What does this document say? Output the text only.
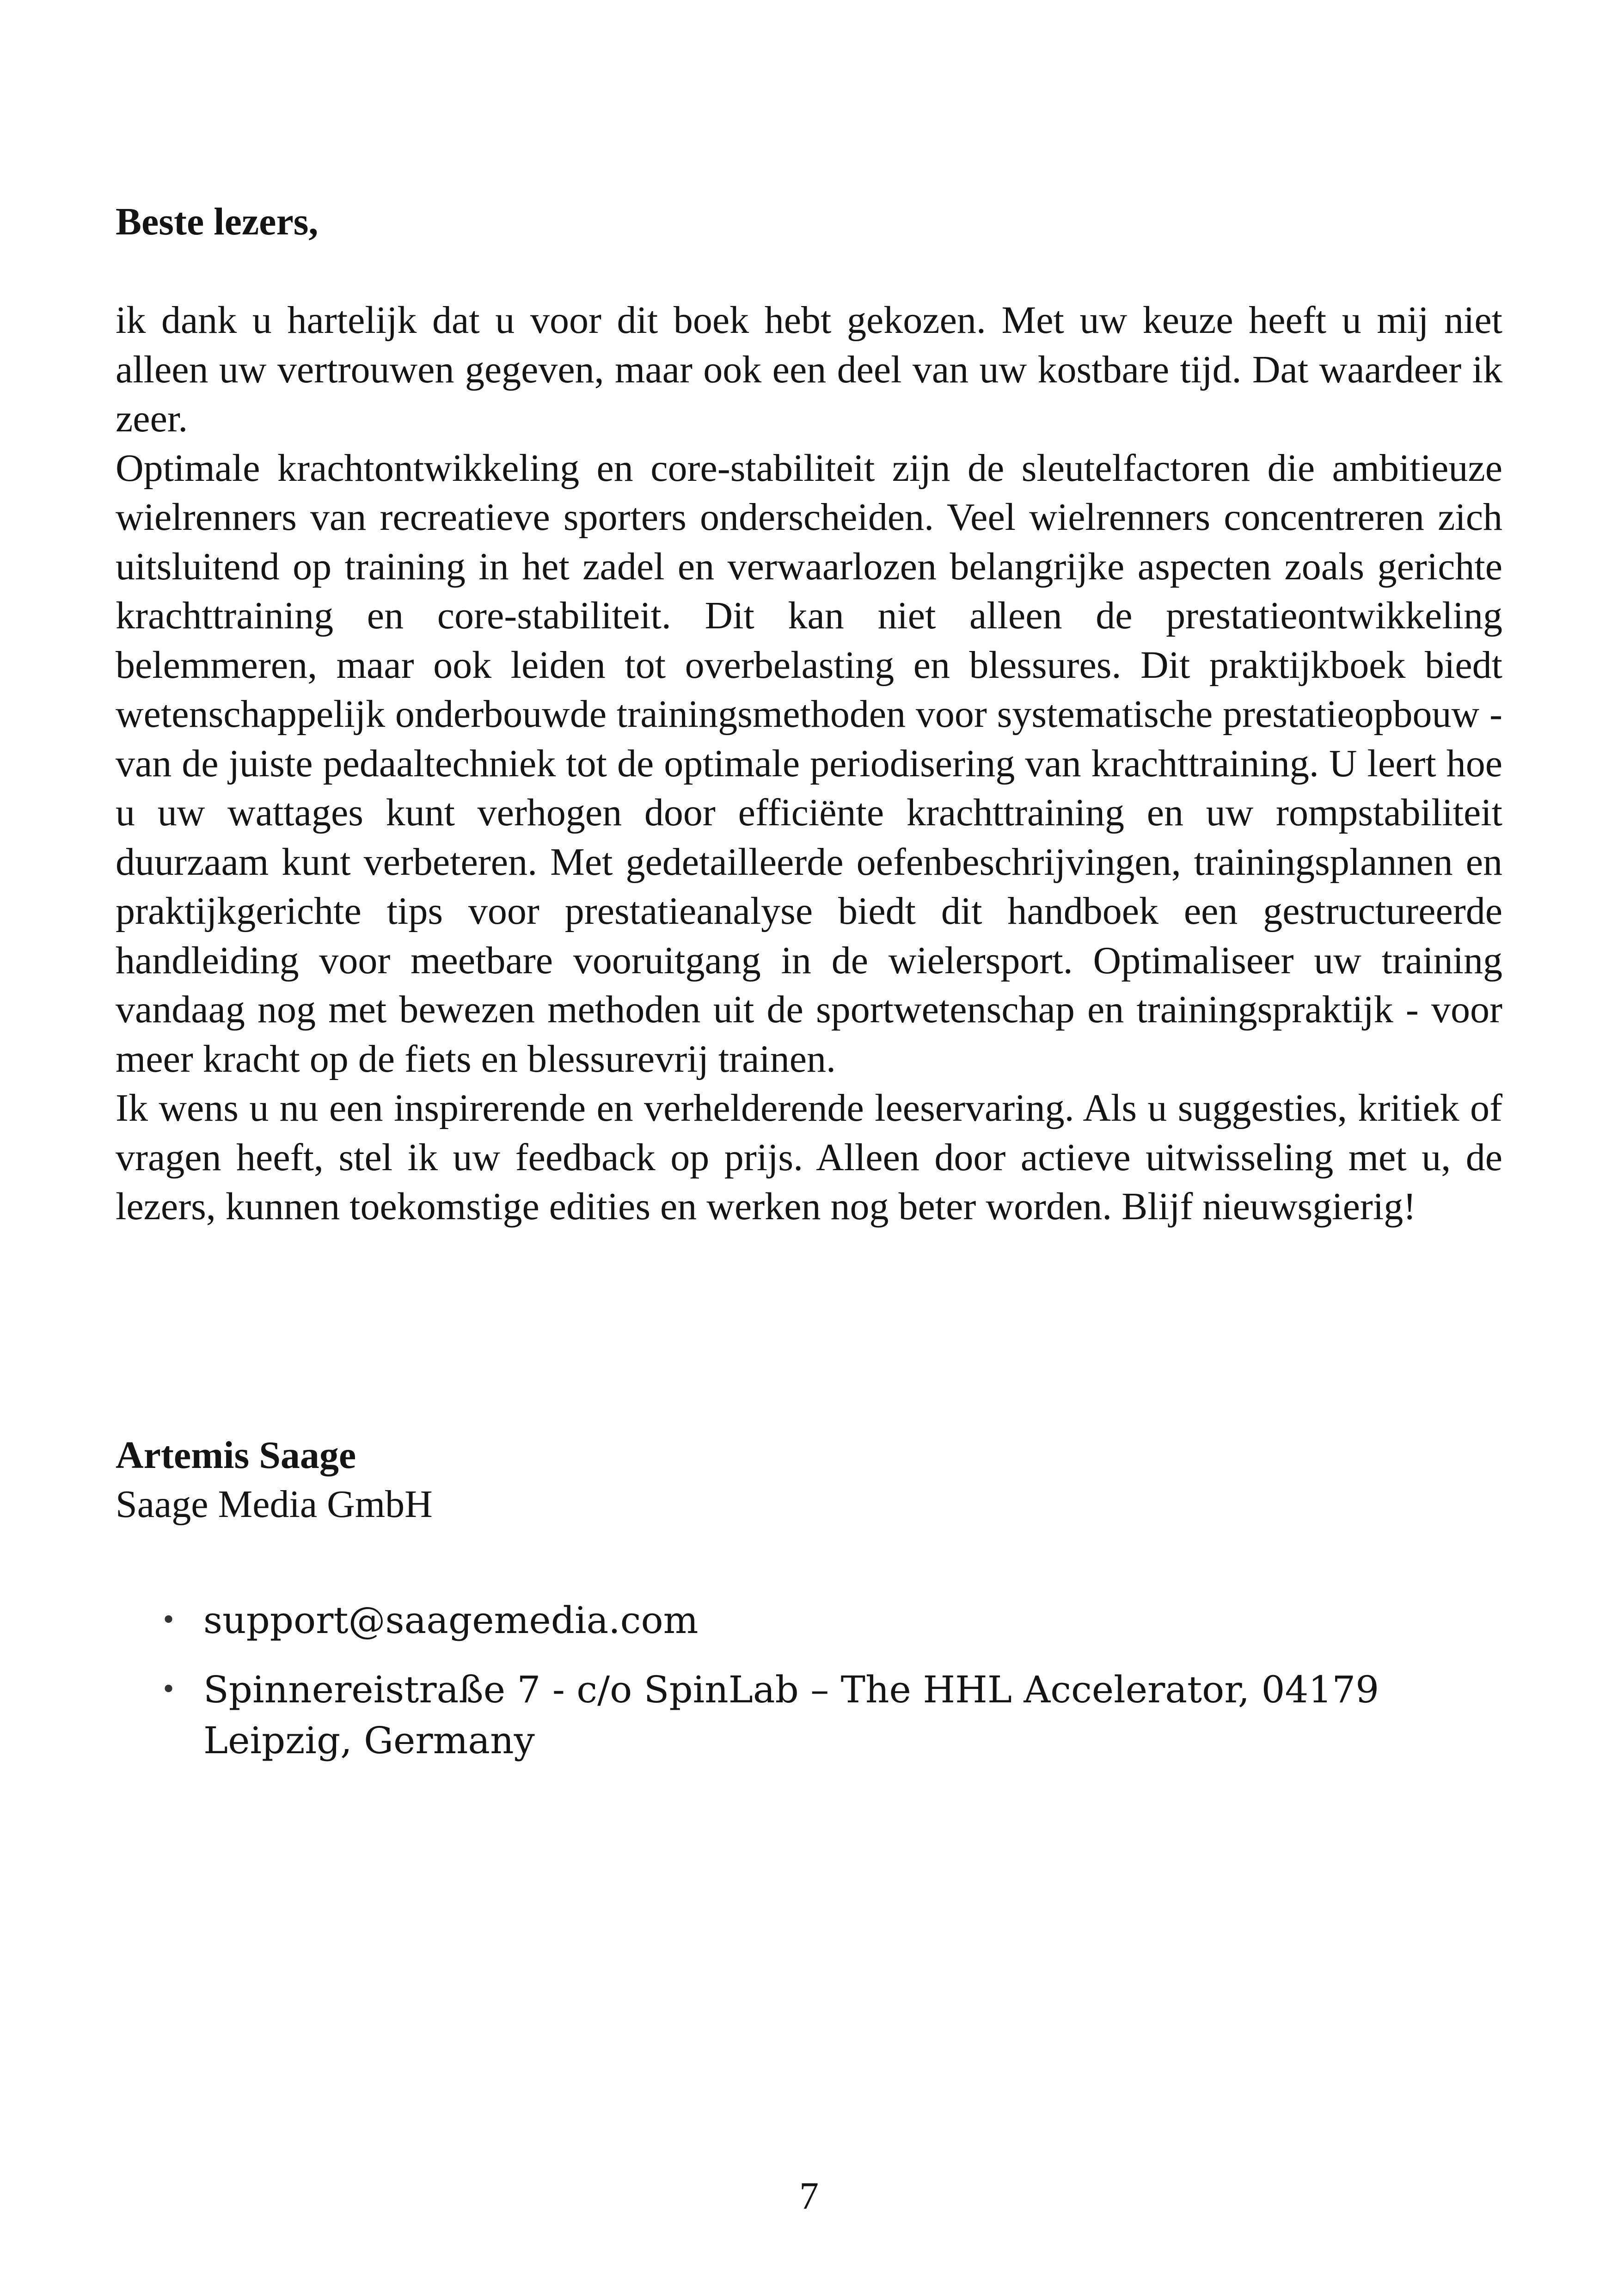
Beste lezers,

ik dank u hartelijk dat u voor dit boek hebt gekozen. Met uw keuze heeft u mij niet alleen uw vertrouwen gegeven, maar ook een deel van uw kostbare tijd. Dat waardeer ik zeer.

Optimale krachtontwikkeling en core-stabiliteit zijn de sleutelfactoren die ambitieuze wielrenners van recreatieve sporters onderscheiden. Veel wielrenners concentreren zich uitsluitend op training in het zadel en verwaarlozen belangrijke aspecten zoals gerichte krachttraining en core-stabiliteit. Dit kan niet alleen de prestatieontwikkeling belemmeren, maar ook leiden tot overbelasting en blessures. Dit praktijkboek biedt wetenschappelijk onderbouwde trainingsmethoden voor systematische prestatieopbouw - van de juiste pedaaltechniek tot de optimale periodisering van krachttraining. U leert hoe u uw wattages kunt verhogen door efficiënte krachttraining en uw rompstabiliteit duurzaam kunt verbeteren. Met gedetailleerde oefenbeschrijvingen, trainingsplannen en praktijkgerichte tips voor prestatieanalyse biedt dit handboek een gestructureerde handleiding voor meetbare vooruitgang in de wielersport. Optimaliseer uw training vandaag nog met bewezen methoden uit de sportwetenschap en trainingspraktijk - voor meer kracht op de fiets en blessurevrij trainen.

Ik wens u nu een inspirerende en verhelderende leeservaring. Als u suggesties, kritiek of vragen heeft, stel ik uw feedback op prijs. Alleen door actieve uitwisseling met u, de lezers, kunnen toekomstige edities en werken nog beter worden. Blijf nieuwsgierig!

Artemis Saage
Saage Media GmbH
• support@saagemedia.com
• Spinnereistraße 7 - c/o SpinLab – The HHL Accelerator, 04179
Leipzig, Germany
7
